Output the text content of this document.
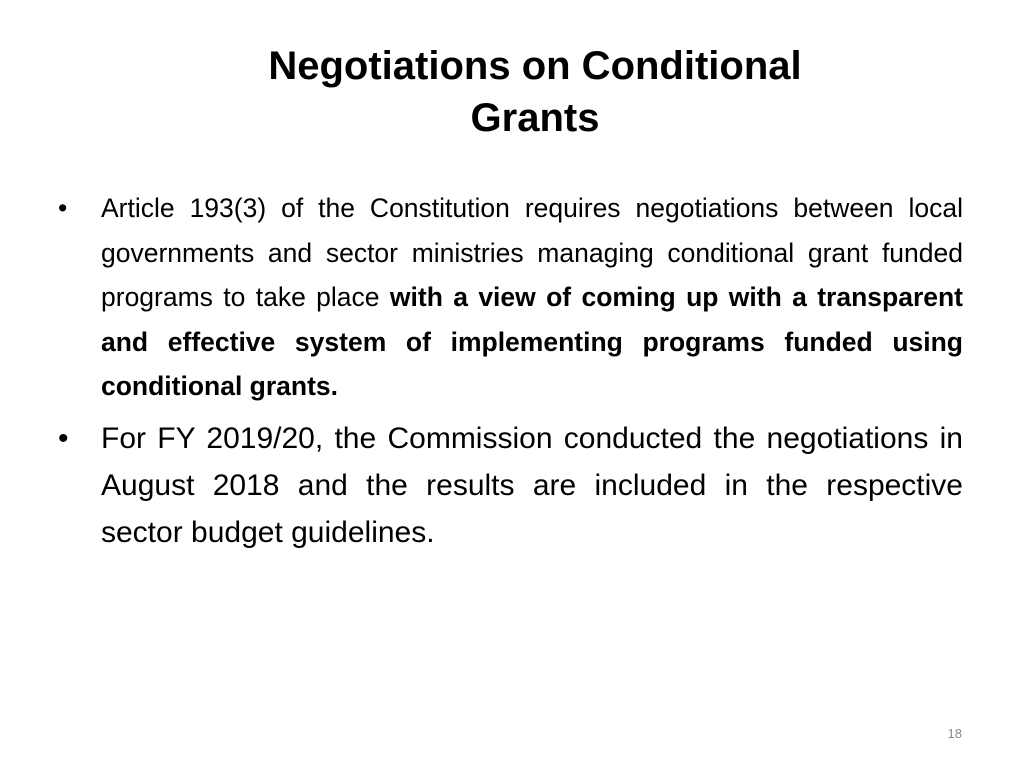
Negotiations on Conditional
Grants
• Article 193(3) of the Constitution requires negotiations between local governments and sector ministries managing conditional grant funded programs to take place with a view of coming up with a transparent and effective system of implementing programs funded using conditional grants.
• For FY 2019/20, the Commission conducted the negotiations in August 2018 and the results are included in the respective sector budget guidelines.
18
